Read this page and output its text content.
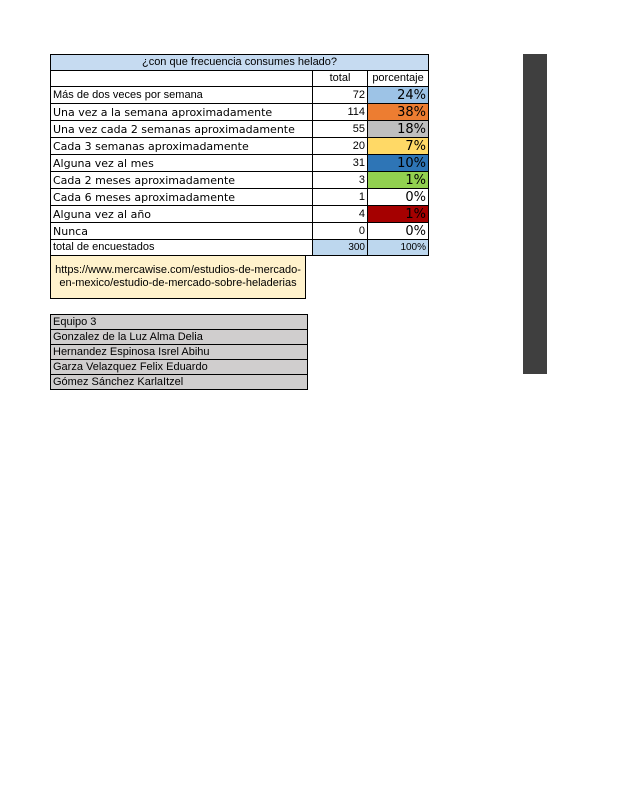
¿con que frecuencia consumes helado?		
	total	porcentaje
Más de dos veces por semana	72	24%
Una vez a la semana aproximadamente	114	38%
Una vez cada 2 semanas aproximadamente	55	18%
Cada 3 semanas aproximadamente	20	7%
Alguna vez al mes	31	10%
Cada 2 meses aproximadamente	3	1%
Cada 6 meses aproximadamente	1	0%
Alguna vez al año	4	1%
Nunca	0	0%
total de encuestados	300	100%
https://www.mercawise.com/estudios-de-mercado-en-mexico/estudio-de-mercado-sobre-heladerias
Equipo 3
Gonzalez de la Luz Alma Delia
Hernandez Espinosa Isrel Abihu
Garza Velazquez Felix Eduardo
Gómez Sánchez KarlaItzel
